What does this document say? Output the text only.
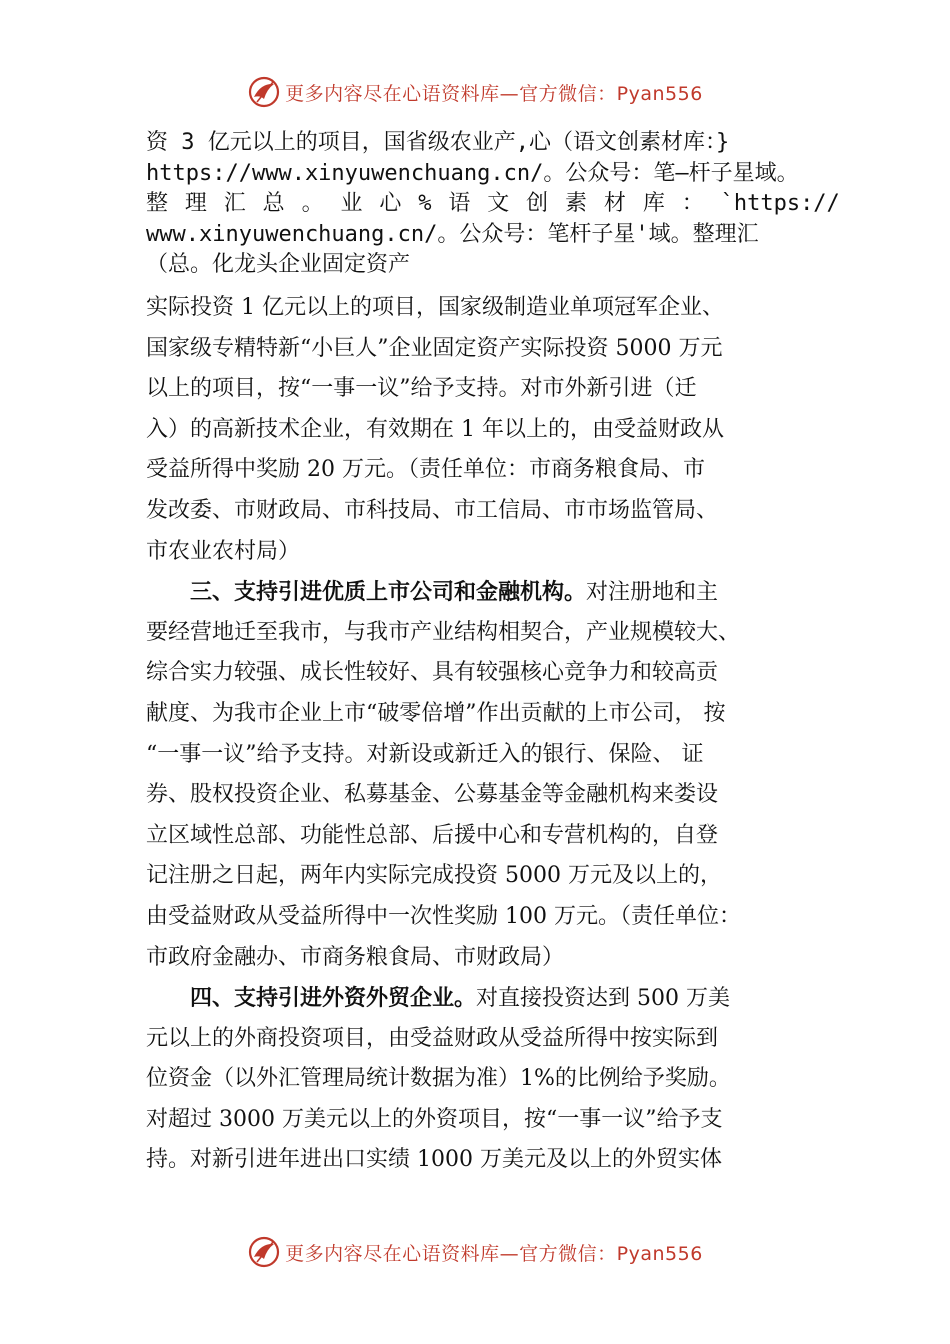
更多内容尽在心语资料库—官方微信：Pyan556
资 3 亿元以上的项目，国省级农业产,心（语文创素材库：}
https://www.xinyuwenchuang.cn/。公众号：笔—杆子星域。
整 理 汇 总 。 业 心 % 语 文 创 素 材 库 ： `https://
www.xinyuwenchuang.cn/。公众号：笔杆子星'域。整理汇
（总。化龙头企业固定资产
实际投资 1 亿元以上的项目，国家级制造业单项冠军企业、
国家级专精特新“小巨人”企业固定资产实际投资 5000 万元
以上的项目，按“一事一议”给予支持。对市外新引进（迁
入）的高新技术企业，有效期在 1 年以上的，由受益财政从
受益所得中奖励 20 万元。（责任单位：市商务粮食局、市
发改委、市财政局、市科技局、市工信局、市市场监管局、
市农业农村局）
三、支持引进优质上市公司和金融机构。对注册地和主
要经营地迁至我市，与我市产业结构相契合，产业规模较大、
综合实力较强、成长性较好、具有较强核心竞争力和较高贡
献度、为我市企业上市“破零倍增”作出贡献的上市公司， 按
“一事一议”给予支持。对新设或新迁入的银行、保险、 证
券、股权投资企业、私募基金、公募基金等金融机构来娄设
立区域性总部、功能性总部、后援中心和专营机构的，自登
记注册之日起，两年内实际完成投资 5000 万元及以上的，
由受益财政从受益所得中一次性奖励 100 万元。（责任单位：
市政府金融办、市商务粮食局、市财政局）
四、支持引进外资外贸企业。对直接投资达到 500 万美
元以上的外商投资项目，由受益财政从受益所得中按实际到
位资金（以外汇管理局统计数据为准）1%的比例给予奖励。
对超过 3000 万美元以上的外资项目，按“一事一议”给予支
持。对新引进年进出口实绩 1000 万美元及以上的外贸实体
更多内容尽在心语资料库—官方微信：Pyan556
